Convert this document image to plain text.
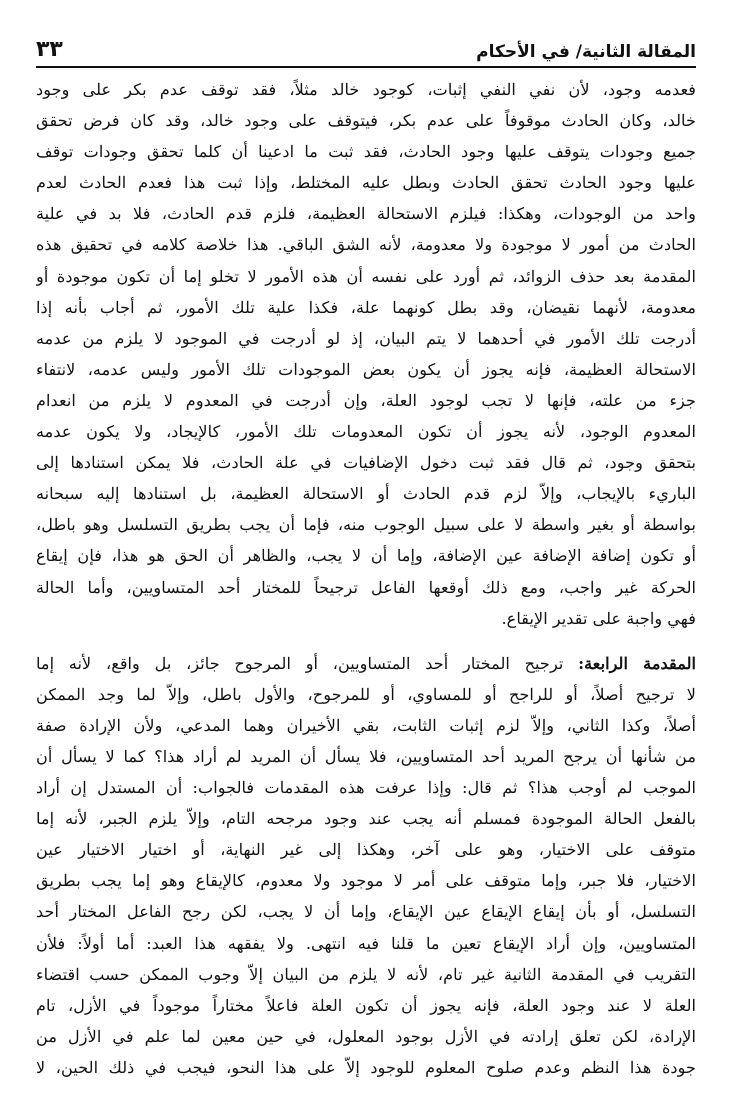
المقالة الثانية/ في الأحكام
٣٣

فعدمه وجود، لأن نفي النفي إثبات، كوجود خالد مثلاً، فقد توقف عدم بكر على وجود
خالد، وكان الحادث موقوفاً على عدم بكر، فيتوقف على وجود خالد، وقد كان فرض تحقق
جميع وجودات يتوقف عليها وجود الحادث، فقد ثبت ما ادعينا أن كلما تحقق وجودات توقف
عليها وجود الحادث تحقق الحادث وبطل عليه المختلط، وإذا ثبت هذا فعدم الحادث لعدم
واحد من الوجودات، وهكذا: فيلزم الاستحالة العظيمة، فلزم قدم الحادث، فلا بد في علية
الحادث من أمور لا موجودة ولا معدومة، لأنه الشق الباقي. هذا خلاصة كلامه في تحقيق هذه
المقدمة بعد حذف الزوائد، ثم أورد على نفسه أن هذه الأمور لا تخلو إما أن تكون موجودة أو
معدومة، لأنهما نقيضان، وقد بطل كونهما علة، فكذا علية تلك الأمور، ثم أجاب بأنه إذا
أدرجت تلك الأمور في أحدهما لا يتم البيان، إذ لو أدرجت في الموجود لا يلزم من عدمه
الاستحالة العظيمة، فإنه يجوز أن يكون بعض الموجودات تلك الأمور وليس عدمه، لانتفاء
جزء من علته، فإنها لا تجب لوجود العلة، وإن أدرجت في المعدوم لا يلزم من انعدام
المعدوم الوجود، لأنه يجوز أن تكون المعدومات تلك الأمور، كالإيجاد، ولا يكون عدمه
بتحقق وجود، ثم قال فقد ثبت دخول الإضافيات في علة الحادث، فلا يمكن استنادها إلى
الباريء بالإيجاب، وإلاّ لزم قدم الحادث أو الاستحالة العظيمة، بل استنادها إليه سبحانه
بواسطة أو بغير واسطة لا على سبيل الوجوب منه، فإما أن يجب بطريق التسلسل وهو باطل،
أو تكون إضافة الإضافة عين الإضافة، وإما أن لا يجب، والظاهر أن الحق هو هذا، فإن إيقاع
الحركة غير واجب، ومع ذلك أوقعها الفاعل ترجيحاً للمختار أحد المتساويين، وأما الحالة
فهي واجبة على تقدير الإيقاع.

المقدمة الرابعة: ترجيح المختار أحد المتساويين، أو المرجوح جائز، بل واقع، لأنه إما
لا ترجيح أصلاً، أو للراجح أو للمساوي، أو للمرجوح، والأول باطل، وإلاّ لما وجد الممكن
أصلاً، وكذا الثاني، وإلاّ لزم إثبات الثابت، بقي الأخيران وهما المدعي، ولأن الإرادة صفة
من شأنها أن يرجح المريد أحد المتساويين، فلا يسأل أن المريد لم أراد هذا؟ كما لا يسأل أن
الموجب لم أوجب هذا؟ ثم قال: وإذا عرفت هذه المقدمات فالجواب: أن المستدل إن أراد
بالفعل الحالة الموجودة فمسلم أنه يجب عند وجود مرجحه التام، وإلاّ يلزم الجبر، لأنه إما
متوقف على الاختيار، وهو على آخر، وهكذا إلى غير النهاية، أو اختيار الاختيار عين
الاختيار، فلا جبر، وإما متوقف على أمر لا موجود ولا معدوم، كالإيقاع وهو إما يجب بطريق
التسلسل، أو بأن إيقاع الإيقاع عين الإيقاع، وإما أن لا يجب، لكن رجح الفاعل المختار أحد
المتساويين، وإن أراد الإيقاع تعين ما قلنا فيه انتهى. ولا يفقهه هذا العبد: أما أولاً: فلأن
التقريب في المقدمة الثانية غير تام، لأنه لا يلزم من البيان إلاّ وجوب الممكن حسب اقتضاء
العلة لا عند وجود العلة، فإنه يجوز أن تكون العلة فاعلاً مختاراً موجوداً في الأزل، تام
الإرادة، لكن تعلق إرادته في الأزل بوجود المعلول، في حين معين لما علم في الأزل من
جودة هذا النظم وعدم صلوح المعلوم للوجود إلاّ على هذا النحو، فيجب في ذلك الحين، لا
